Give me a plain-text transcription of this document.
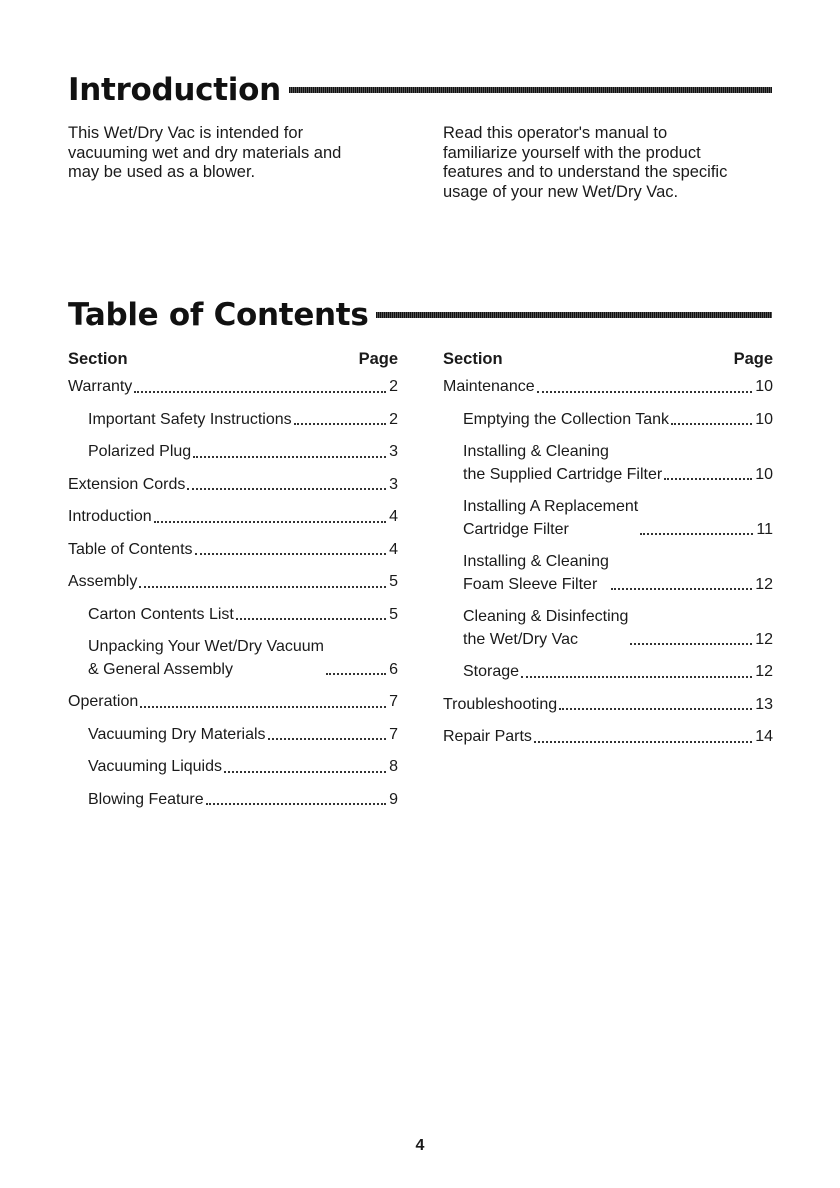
Introduction
This Wet/Dry Vac is intended for
vacuuming wet and dry materials and
may be used as a blower.
Read this operator's manual to
familiarize yourself with the product
features and to understand the specific
usage of your new Wet/Dry Vac.
Table of Contents
Section	Page
Warranty	2
Important Safety Instructions	2
Polarized Plug	3
Extension Cords	3
Introduction	4
Table of Contents	4
Assembly	5
Carton Contents List	5
Unpacking Your Wet/Dry Vacuum
& General Assembly	6
Operation	7
Vacuuming Dry Materials	7
Vacuuming Liquids	8
Blowing Feature	9
Section	Page
Maintenance	10
Emptying the Collection Tank	10
Installing & Cleaning
the Supplied Cartridge Filter	10
Installing A Replacement
Cartridge Filter	11
Installing & Cleaning
Foam Sleeve Filter	12
Cleaning & Disinfecting
the Wet/Dry Vac	12
Storage	12
Troubleshooting	13
Repair Parts	14
4
